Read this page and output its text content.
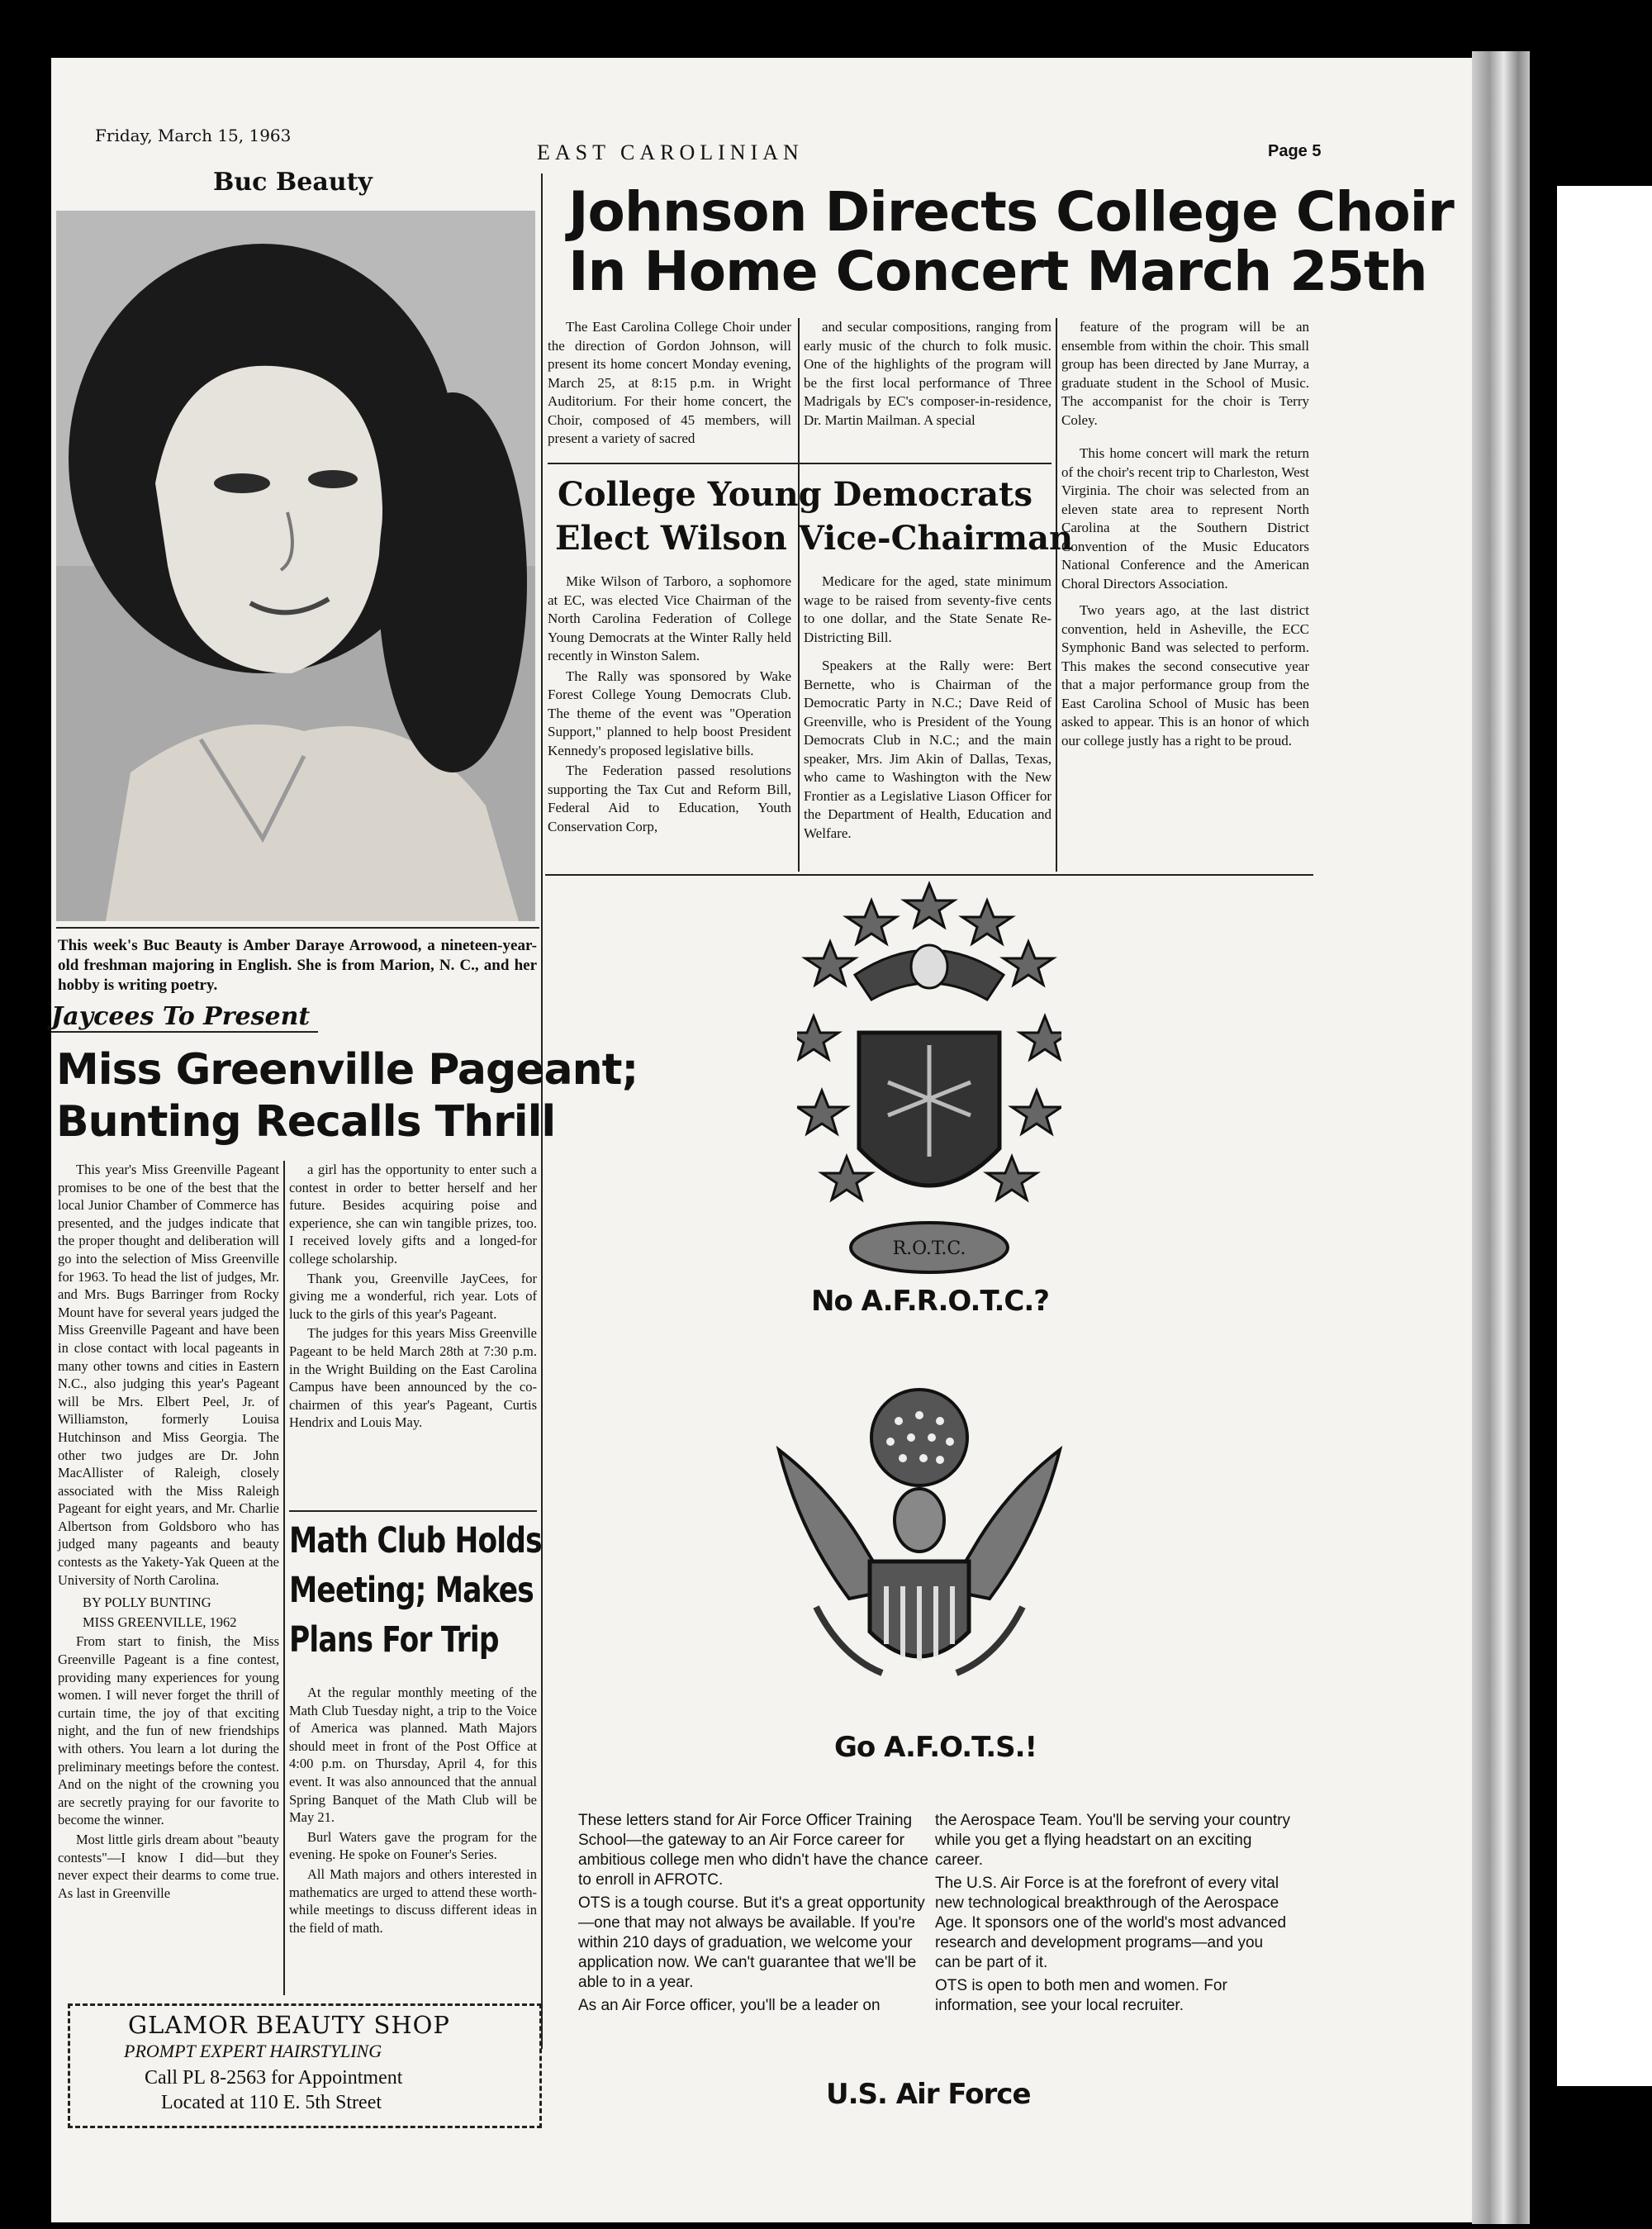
Friday, March 15, 1963
EAST CAROLINIAN	Page 5
Buc Beauty
This week's Buc Beauty is Amber Daraye Arrowood, a nineteen-year-old freshman majoring in English. She is from Marion, N. C., and her hobby is writing poetry.
Johnson Directs College Choir
In Home Concert March 25th

The East Carolina College Choir under the direction of Gordon Johnson, will present its home concert Monday evening, March 25, at 8:15 p.m. in Wright Auditorium. For their home concert, the Choir, composed of 45 members, will present a variety of sacred

and secular compositions, ranging from early music of the church to folk music. One of the highlights of the program will be the first local performance of Three Madrigals by EC's composer-in-residence, Dr. Martin Mailman. A special

feature of the program will be an ensemble from within the choir. This small group has been directed by Jane Murray, a graduate student in the School of Music. The accompanist for the choir is Terry Coley.

This home concert will mark the return of the choir's recent trip to Charleston, West Virginia. The choir was selected from an eleven state area to represent North Carolina at the Southern District Convention of the Music Educators National Conference and the American Choral Directors Association.

Two years ago, at the last district convention, held in Asheville, the ECC Symphonic Band was selected to perform. This makes the second consecutive year that a major performance group from the East Carolina School of Music has been asked to appear. This is an honor of which our college justly has a right to be proud.

College Young Democrats
Elect Wilson Vice-Chairman

Mike Wilson of Tarboro, a sophomore at EC, was elected Vice Chairman of the North Carolina Federation of College Young Democrats at the Winter Rally held recently in Winston Salem.

The Rally was sponsored by Wake Forest College Young Democrats Club. The theme of the event was "Operation Support," planned to help boost President Kennedy's proposed legislative bills.

The Federation passed resolutions supporting the Tax Cut and Reform Bill, Federal Aid to Education, Youth Conservation Corp,

Medicare for the aged, state minimum wage to be raised from seventy-five cents to one dollar, and the State Senate Re-Districting Bill.

Speakers at the Rally were: Bert Bernette, who is Chairman of the Democratic Party in N.C.; Dave Reid of Greenville, who is President of the Young Democrats Club in N.C.; and the main speaker, Mrs. Jim Akin of Dallas, Texas, who came to Washington with the New Frontier as a Legislative Liason Officer for the Department of Health, Education and Welfare.

Jaycees To Present
Miss Greenville Pageant;
Bunting Recalls Thrill

This year's Miss Greenville Pageant promises to be one of the best that the local Junior Chamber of Commerce has presented, and the judges indicate that the proper thought and deliberation will go into the selection of Miss Greenville for 1963. To head the list of judges, Mr. and Mrs. Bugs Barringer from Rocky Mount have for several years judged the Miss Greenville Pageant and have been in close contact with local pageants in many other towns and cities in Eastern N.C., also judging this year's Pageant will be Mrs. Elbert Peel, Jr. of Williamston, formerly Louisa Hutchinson and Miss Georgia. The other two judges are Dr. John MacAllister of Raleigh, closely associated with the Miss Raleigh Pageant for eight years, and Mr. Charlie Albertson from Goldsboro who has judged many pageants and beauty contests as the Yakety-Yak Queen at the University of North Carolina.

BY POLLY BUNTING

MISS GREENVILLE, 1962

From start to finish, the Miss Greenville Pageant is a fine contest, providing many experiences for young women. I will never forget the thrill of curtain time, the joy of that exciting night, and the fun of new friendships with others. You learn a lot during the preliminary meetings before the contest. And on the night of the crowning you are secretly praying for our favorite to become the winner.

Most little girls dream about "beauty contests"—I know I did—but they never expect their dearms to come true. As last in Greenville

a girl has the opportunity to enter such a contest in order to better herself and her future. Besides acquiring poise and experience, she can win tangible prizes, too. I received lovely gifts and a longed-for college scholarship.

Thank you, Greenville JayCees, for giving me a wonderful, rich year. Lots of luck to the girls of this year's Pageant.

The judges for this years Miss Greenville Pageant to be held March 28th at 7:30 p.m. in the Wright Building on the East Carolina Campus have been announced by the co-chairmen of this year's Pageant, Curtis Hendrix and Louis May.

Math Club Holds
Meeting; Makes
Plans For Trip

At the regular monthly meeting of the Math Club Tuesday night, a trip to the Voice of America was planned. Math Majors should meet in front of the Post Office at 4:00 p.m. on Thursday, April 4, for this event. It was also announced that the annual Spring Banquet of the Math Club will be May 21.

Burl Waters gave the program for the evening. He spoke on Founer's Series.

All Math majors and others interested in mathematics are urged to attend these worth-while meetings to discuss different ideas in the field of math.

GLAMOR BEAUTY SHOP
PROMPT EXPERT HAIRSTYLING
Call PL 8-2563 for Appointment
Located at 110 E. 5th Street
R.O.T.C.
No A.F.R.O.T.C.?
Go A.F.O.T.S.!

These letters stand for Air Force Officer Training School—the gateway to an Air Force career for ambitious college men who didn't have the chance to enroll in AFROTC.

OTS is a tough course. But it's a great opportunity—one that may not always be available. If you're within 210 days of graduation, we welcome your application now. We can't guarantee that we'll be able to in a year.

As an Air Force officer, you'll be a leader on

the Aerospace Team. You'll be serving your country while you get a flying headstart on an exciting career.

The U.S. Air Force is at the forefront of every vital new technological breakthrough of the Aerospace Age. It sponsors one of the world's most advanced research and development programs—and you can be part of it.

OTS is open to both men and women. For information, see your local recruiter.

U.S. Air Force
